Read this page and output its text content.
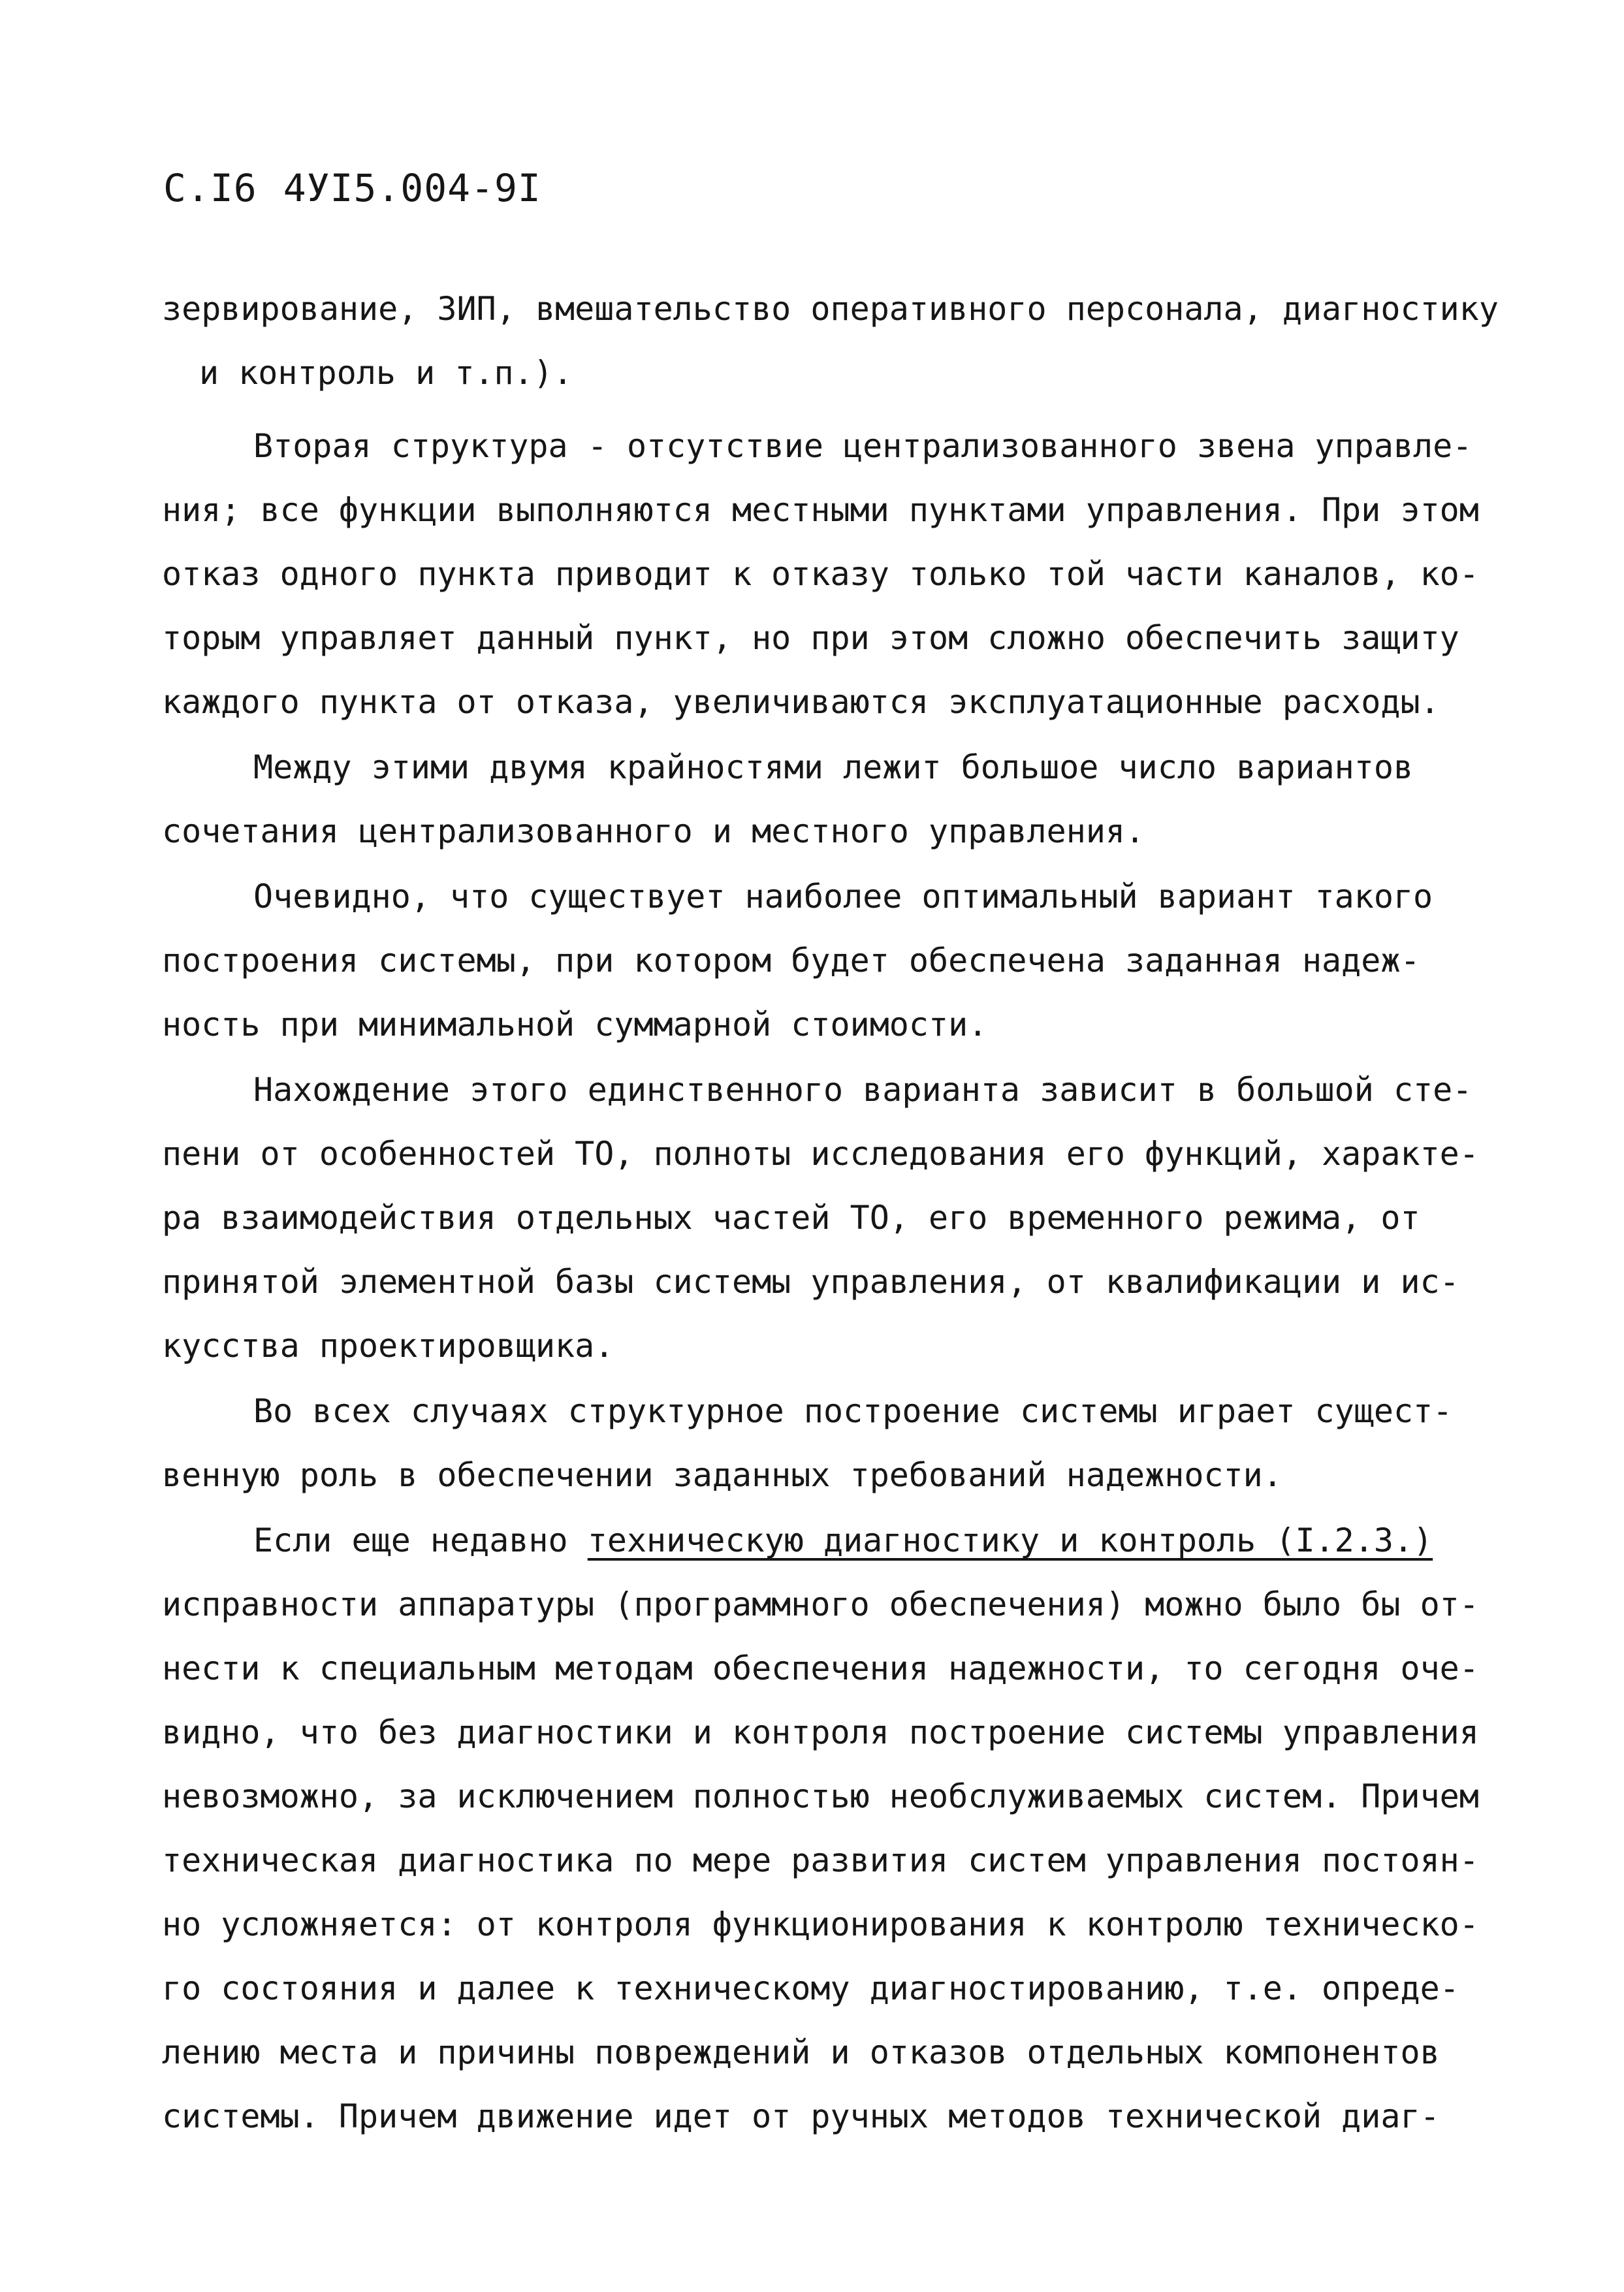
С.I6 4УI5.004-9I
зервирование, ЗИП, вмешательство оперативного персонала, диагностику
и контроль и т.п.).
Вторая структура - отсутствие централизованного звена управле-
ния; все функции выполняются местными пунктами управления. При этом
отказ одного пункта приводит к отказу только той части каналов, ко-
торым управляет данный пункт, но при этом сложно обеспечить защиту
каждого пункта от отказа, увеличиваются эксплуатационные расходы.
Между этими двумя крайностями лежит большое число вариантов
сочетания централизованного и местного управления.
Очевидно, что существует наиболее оптимальный вариант такого
построения системы, при котором будет обеспечена заданная надеж-
ность при минимальной суммарной стоимости.
Нахождение этого единственного варианта зависит в большой сте-
пени от особенностей ТО, полноты исследования его функций, характе-
ра взаимодействия отдельных частей ТО, его временного режима, от
принятой элементной базы системы управления, от квалификации и ис-
кусства проектировщика.
Во всех случаях структурное построение системы играет сущест-
венную роль в обеспечении заданных требований надежности.
Если еще недавно техническую диагностику и контроль (I.2.3.)
исправности аппаратуры (программного обеспечения) можно было бы от-
нести к специальным методам обеспечения надежности, то сегодня оче-
видно, что без диагностики и контроля построение системы управления
невозможно, за исключением полностью необслуживаемых систем. Причем
техническая диагностика по мере развития систем управления постоян-
но усложняется: от контроля функционирования к контролю техническо-
го состояния и далее к техническому диагностированию, т.е. опреде-
лению места и причины повреждений и отказов отдельных компонентов
системы. Причем движение идет от ручных методов технической диаг-
